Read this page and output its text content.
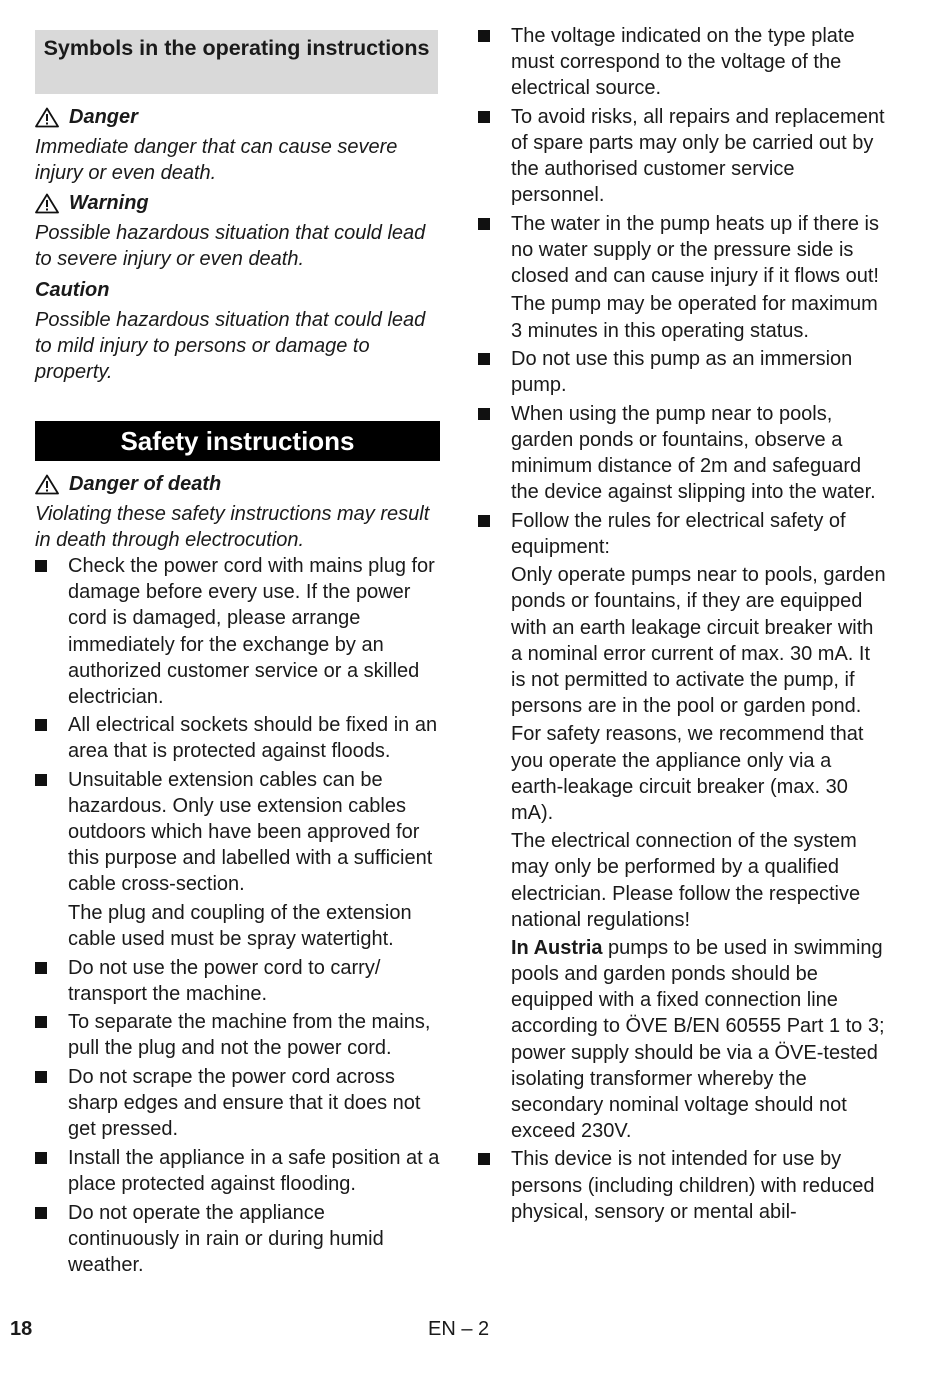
Symbols in the operating instructions
Danger

Immediate danger that can cause severe injury or even death.

Warning

Possible hazardous situation that could lead to severe injury or even death.

Caution

Possible hazardous situation that could lead to mild injury to persons or damage to property.

Safety instructions
Danger of death

Violating these safety instructions may result in death through electrocution.

Check the power cord with mains plug for damage before every use. If the power cord is damaged, please arrange immediately for the exchange by an authorized customer service or a skilled electrician.
All electrical sockets should be fixed in an area that is protected against floods.
Unsuitable extension cables can be hazardous. Only use extension cables outdoors which have been approved for this purpose and labelled with a sufficient cable cross-section.

The plug and coupling of the extension cable used must be spray watertight.

Do not use the power cord to carry/ transport the machine.
To separate the machine from the mains, pull the plug and not the power cord.
Do not scrape the power cord across sharp edges and ensure that it does not get pressed.
Install the appliance in a safe position at a place protected against flooding.
Do not operate the appliance continuously in rain or during humid weather.
The voltage indicated on the type plate must correspond to the voltage of the electrical source.
To avoid risks, all repairs and replacement of spare parts may only be carried out by the authorised customer service personnel.
The water in the pump heats up if there is no water supply or the pressure side is closed and can cause injury if it flows out!

The pump may be operated for maximum 3 minutes in this operating status.

Do not use this pump as an immersion pump.
When using the pump near to pools, garden ponds or fountains, observe a minimum distance of 2m and safeguard the device against slipping into the water.
Follow the rules for electrical safety of equipment:

Only operate pumps near to pools, garden ponds or fountains, if they are equipped with an earth leakage circuit breaker with a nominal error current of max. 30 mA. It is not permitted to activate the pump, if persons are in the pool or garden pond.

For safety reasons, we recommend that you operate the appliance only via a earth-leakage circuit breaker (max. 30 mA).

The electrical connection of the system may only be performed by a qualified electrician. Please follow the respective national regulations!

In Austria pumps to be used in swimming pools and garden ponds should be equipped with a fixed connection line according to ÖVE B/EN 60555 Part 1 to 3; power supply should be via a ÖVE-tested isolating transformer whereby the secondary nominal voltage should not exceed 230V.

This device is not intended for use by persons (including children) with reduced physical, sensory or mental abil-
18	EN – 2
